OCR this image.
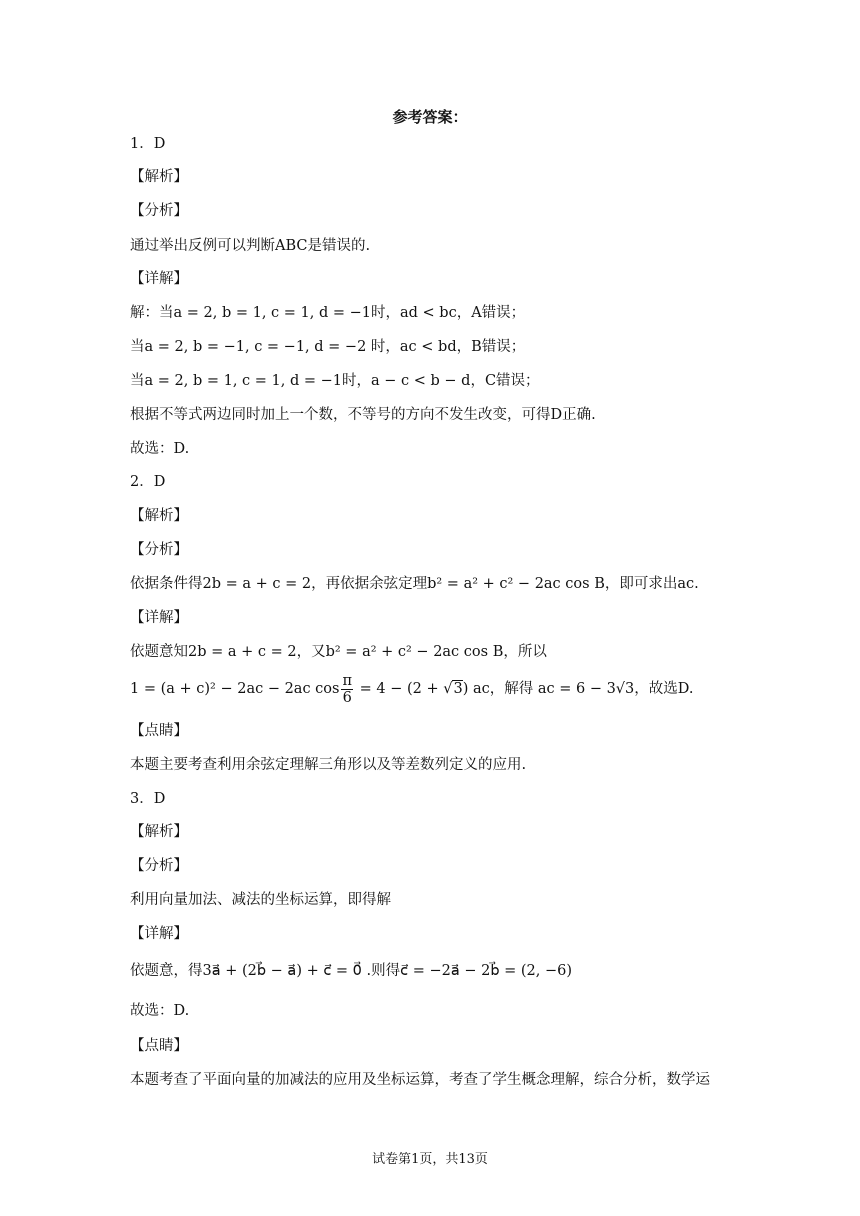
参考答案：
1．D
【解析】
【分析】
通过举出反例可以判断ABC是错误的.
【详解】
解：当a = 2, b = 1, c = 1, d = −1时，ad < bc，A错误；
当a = 2, b = −1, c = −1, d = −2 时，ac < bd，B错误；
当a = 2, b = 1, c = 1, d = −1时，a − c < b − d，C错误；
根据不等式两边同时加上一个数，不等号的方向不发生改变，可得D正确.
故选：D.
2．D
【解析】
【分析】
依据条件得2b = a + c = 2，再依据余弦定理b² = a² + c² − 2ac cos B，即可求出ac.
【详解】
依题意知2b = a + c = 2，又b² = a² + c² − 2ac cos B，所以
1 = (a + c)² − 2ac − 2ac $\cos \frac{\pi}{6} = 4 - (2 + √3)$ ac，解得 ac = 6 − 3√3，故选D.
【点睛】
本题主要考查利用余弦定理解三角形以及等差数列定义的应用.
3．D
【解析】
【分析】
利用向量加法、减法的坐标运算，即得解
【详解】
依题意，得3a⃗ + (2b⃗ − a⃗) + c⃗ = 0⃗ .则得c⃗ = −2a⃗ − 2b⃗ = (2, −6)
故选：D.
【点睛】
本题考查了平面向量的加减法的应用及坐标运算，考查了学生概念理解，综合分析，数学运
试卷第1页，共13页
